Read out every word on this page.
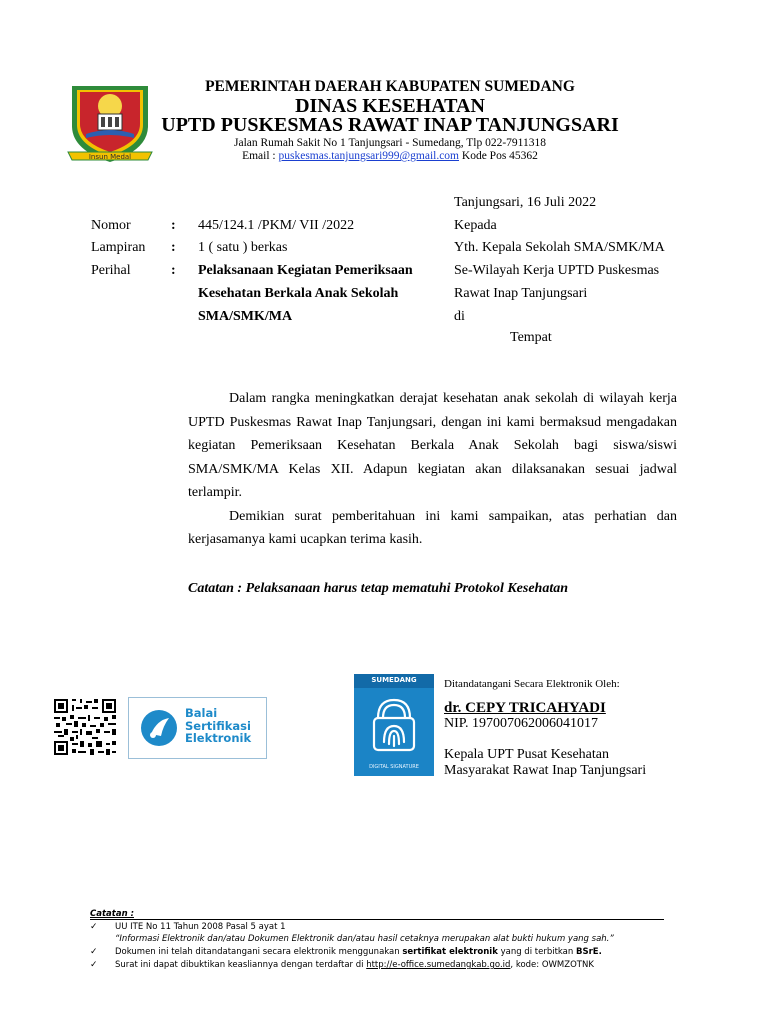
Insun Medal
PEMERINTAH DAERAH KABUPATEN SUMEDANG
DINAS KESEHATAN
UPTD PUSKESMAS RAWAT INAP TANJUNGSARI
Jalan Rumah Sakit No 1 Tanjungsari - Sumedang, Tlp 022-7911318
Email : puskesmas.tanjungsari999@gmail.com Kode Pos 45362
Tanjungsari, 16 Juli 2022
Nomor	: 445/124.1 /PKM/ VII /2022
Lampiran : 1 ( satu ) berkas
Perihal	: Pelaksanaan Kegiatan Pemeriksaan
Kesehatan Berkala Anak Sekolah
SMA/SMK/MA
Kepada
Yth. Kepala Sekolah SMA/SMK/MA
Se-Wilayah Kerja UPTD Puskesmas
Rawat Inap Tanjungsari
di
Tempat

Dalam rangka meningkatkan derajat kesehatan anak sekolah di wilayah kerja UPTD Puskesmas Rawat Inap Tanjungsari, dengan ini kami bermaksud mengadakan kegiatan Pemeriksaan Kesehatan Berkala Anak Sekolah bagi siswa/siswi SMA/SMK/MA Kelas XII. Adapun kegiatan akan dilaksanakan sesuai jadwal terlampir.

Demikian surat pemberitahuan ini kami sampaikan, atas perhatian dan kerjasamanya kami ucapkan terima kasih.

Catatan : Pelaksanaan harus tetap mematuhi Protokol Kesehatan
Balai
Sertifikasi
Elektronik
SUMEDANG
DIGITAL SIGNATURE
Ditandatangani Secara Elektronik Oleh:
dr. CEPY TRICAHYADI
NIP. 197007062006041017
Kepala UPT Pusat Kesehatan
Masyarakat Rawat Inap Tanjungsari
Catatan :
✓ UU ITE No 11 Tahun 2008 Pasal 5 ayat 1
“Informasi Elektronik dan/atau Dokumen Elektronik dan/atau hasil cetaknya merupakan alat bukti hukum yang sah.”
✓ Dokumen ini telah ditandatangani secara elektronik menggunakan sertifikat elektronik yang di terbitkan BSrE.
✓ Surat ini dapat dibuktikan keasliannya dengan terdaftar di http://e-office.sumedangkab.go.id, kode: OWMZOTNK
